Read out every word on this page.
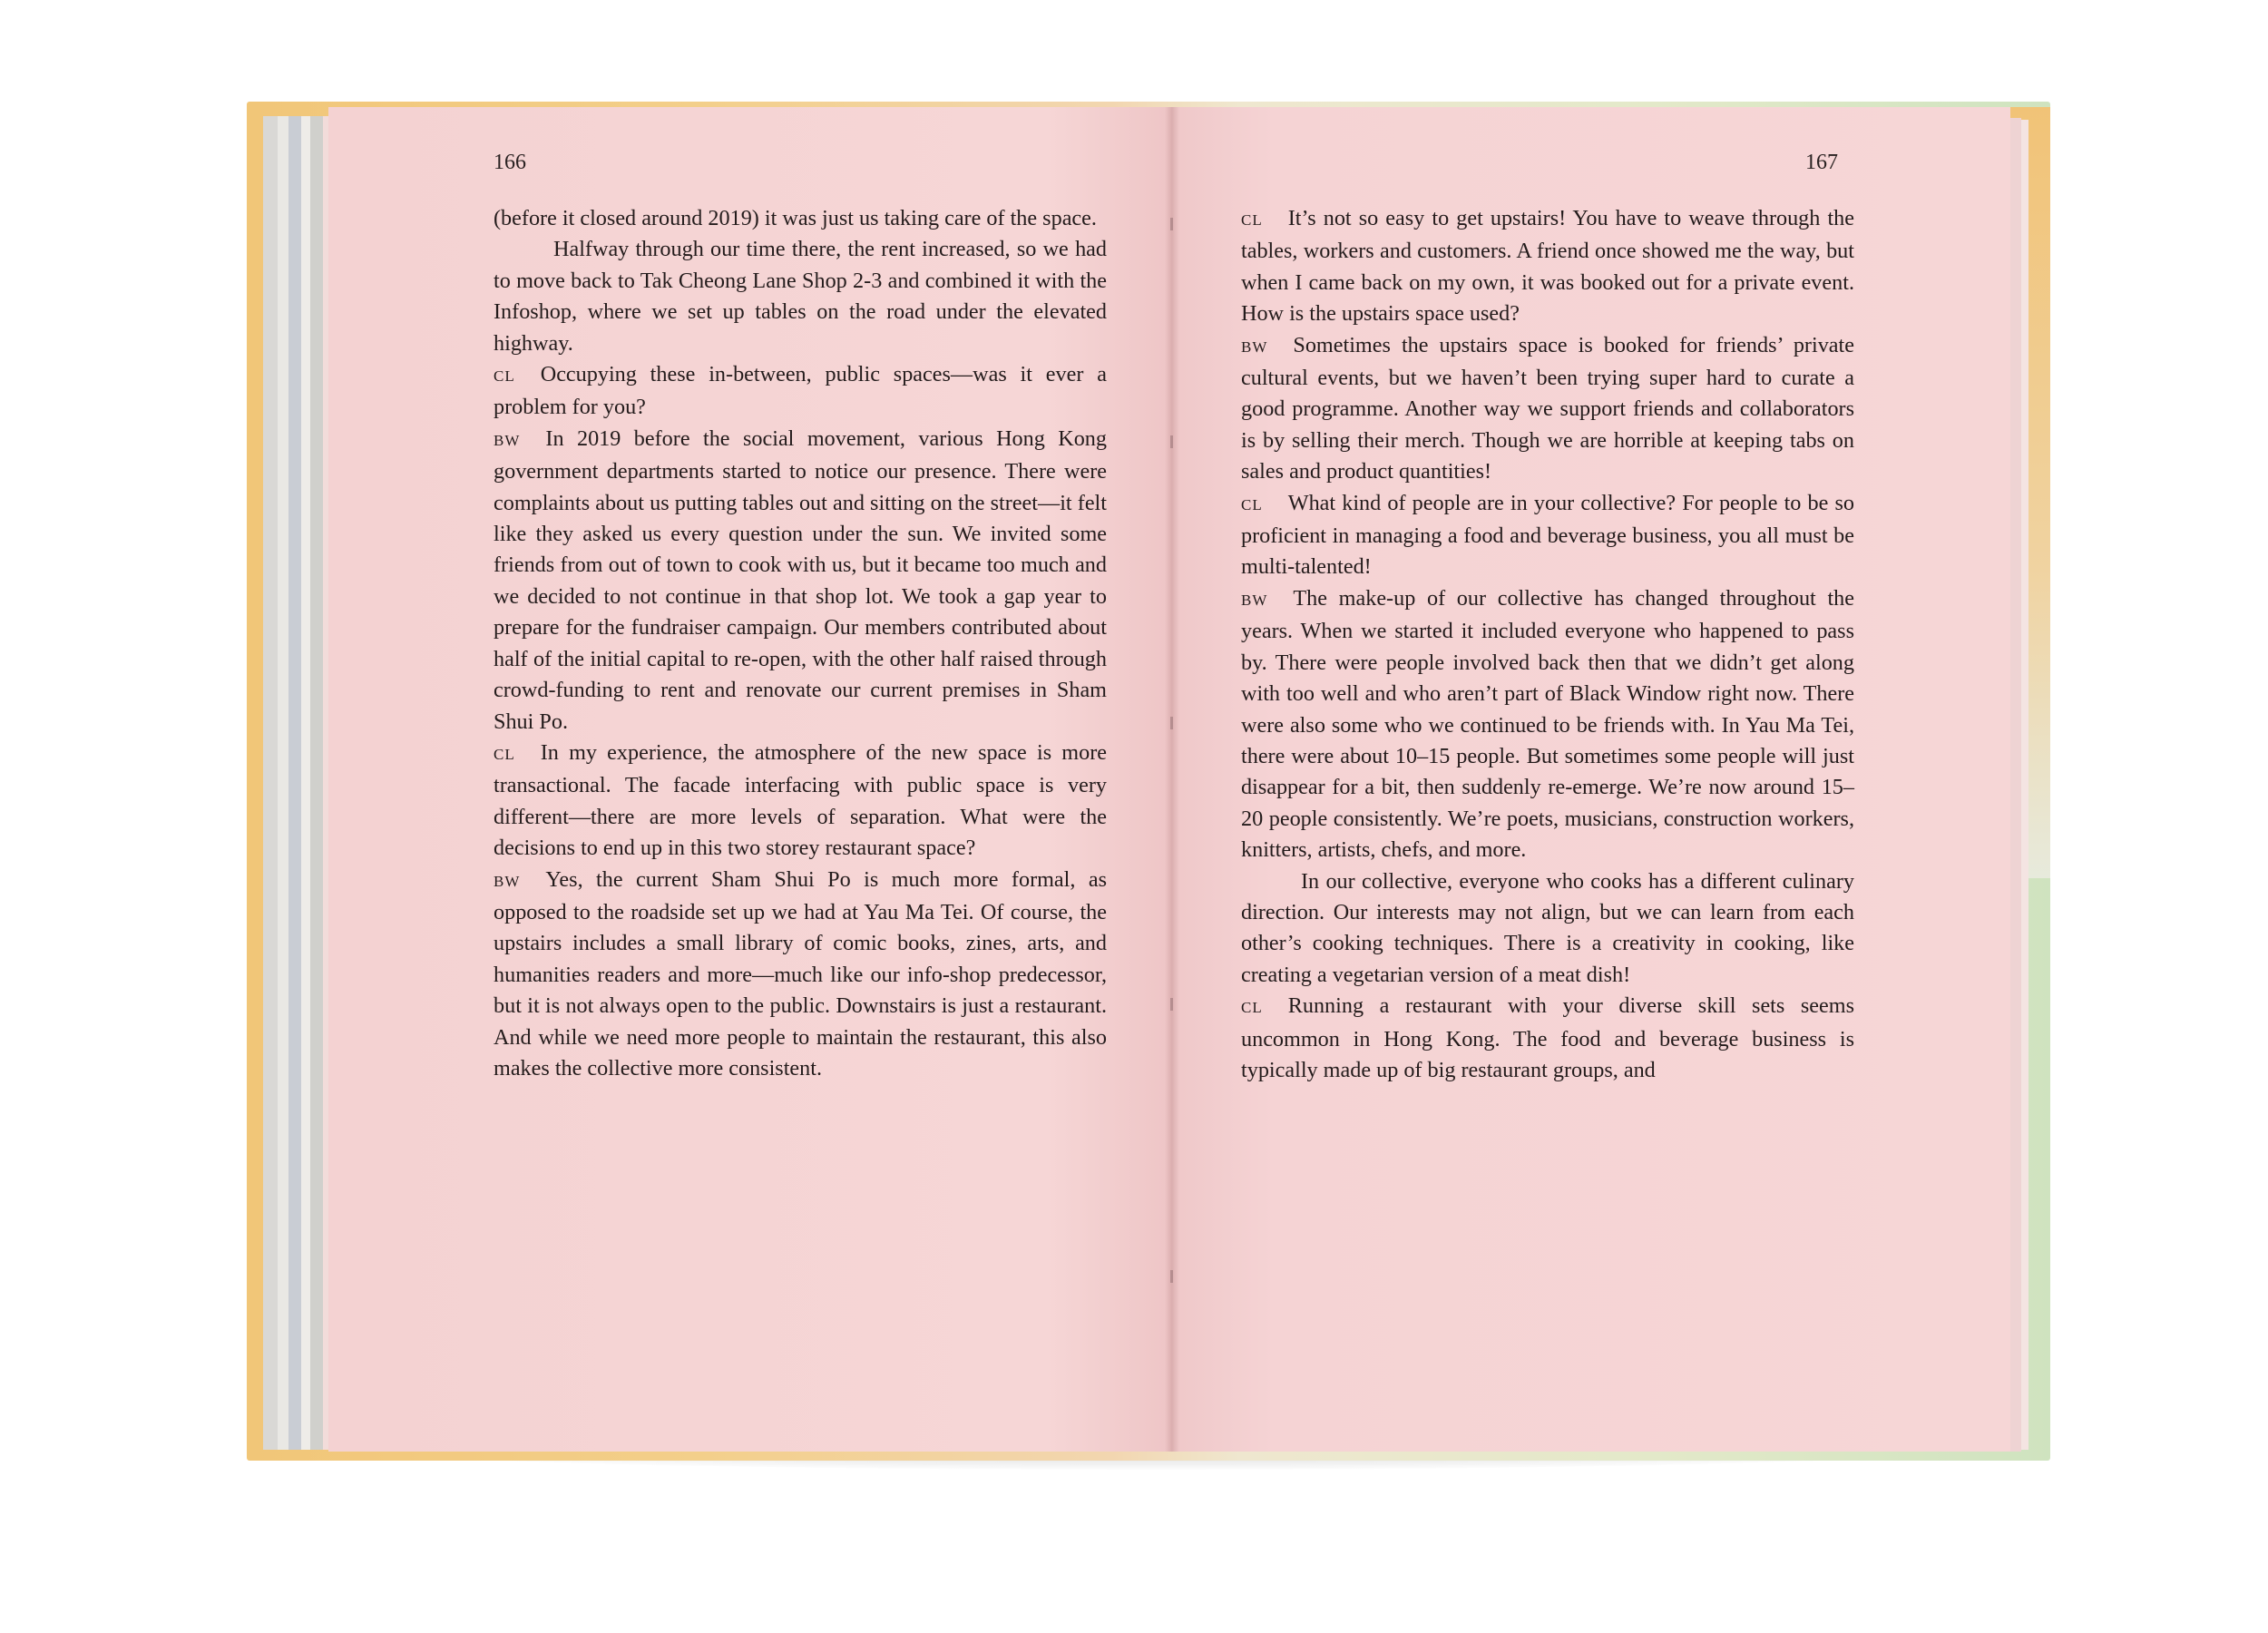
166	167

(before it closed around 2019) it was just us taking care of the space.

Halfway through our time there, the rent increased, so we had to move back to Tak Cheong Lane Shop 2-3 and combined it with the Infoshop, where we set up tables on the road under the elevated highway.

CL Occupying these in-between, public spaces—was it ever a problem for you?

BW In 2019 before the social movement, various Hong Kong government departments started to notice our presence. There were complaints about us putting tables out and sitting on the street—it felt like they asked us every question under the sun. We invited some friends from out of town to cook with us, but it became too much and we decided to not continue in that shop lot. We took a gap year to prepare for the fundraiser campaign. Our members contributed about half of the initial capital to re-open, with the other half raised through crowd-funding to rent and renovate our current premises in Sham Shui Po.

CL In my experience, the atmosphere of the new space is more transactional. The facade interfacing with public space is very different—there are more levels of separation. What were the decisions to end up in this two storey restaurant space?

BW Yes, the current Sham Shui Po is much more formal, as opposed to the roadside set up we had at Yau Ma Tei. Of course, the upstairs includes a small library of comic books, zines, arts, and humanities readers and more—much like our info-shop predecessor, but it is not always open to the public. Downstairs is just a restaurant. And while we need more people to maintain the restaurant, this also makes the collective more consistent.

CL It’s not so easy to get upstairs! You have to weave through the tables, workers and customers. A friend once showed me the way, but when I came back on my own, it was booked out for a private event. How is the upstairs space used?

BW Sometimes the upstairs space is booked for friends’ private cultural events, but we haven’t been trying super hard to curate a good programme. Another way we support friends and collaborators is by selling their merch. Though we are horrible at keeping tabs on sales and product quantities!

CL What kind of people are in your collective? For people to be so proficient in managing a food and beverage business, you all must be multi-talented!

BW The make-up of our collective has changed throughout the years. When we started it included everyone who happened to pass by. There were people involved back then that we didn’t get along with too well and who aren’t part of Black Window right now. There were also some who we continued to be friends with. In Yau Ma Tei, there were about 10–15 people. But sometimes some people will just disappear for a bit, then suddenly re-emerge. We’re now around 15–20 people consistently. We’re poets, musicians, construction workers, knitters, artists, chefs, and more.

In our collective, everyone who cooks has a different culinary direction. Our interests may not align, but we can learn from each other’s cooking techniques. There is a creativity in cooking, like creating a vegetarian version of a meat dish!

CL Running a restaurant with your diverse skill sets seems uncommon in Hong Kong. The food and beverage business is typically made up of big restaurant groups, and
